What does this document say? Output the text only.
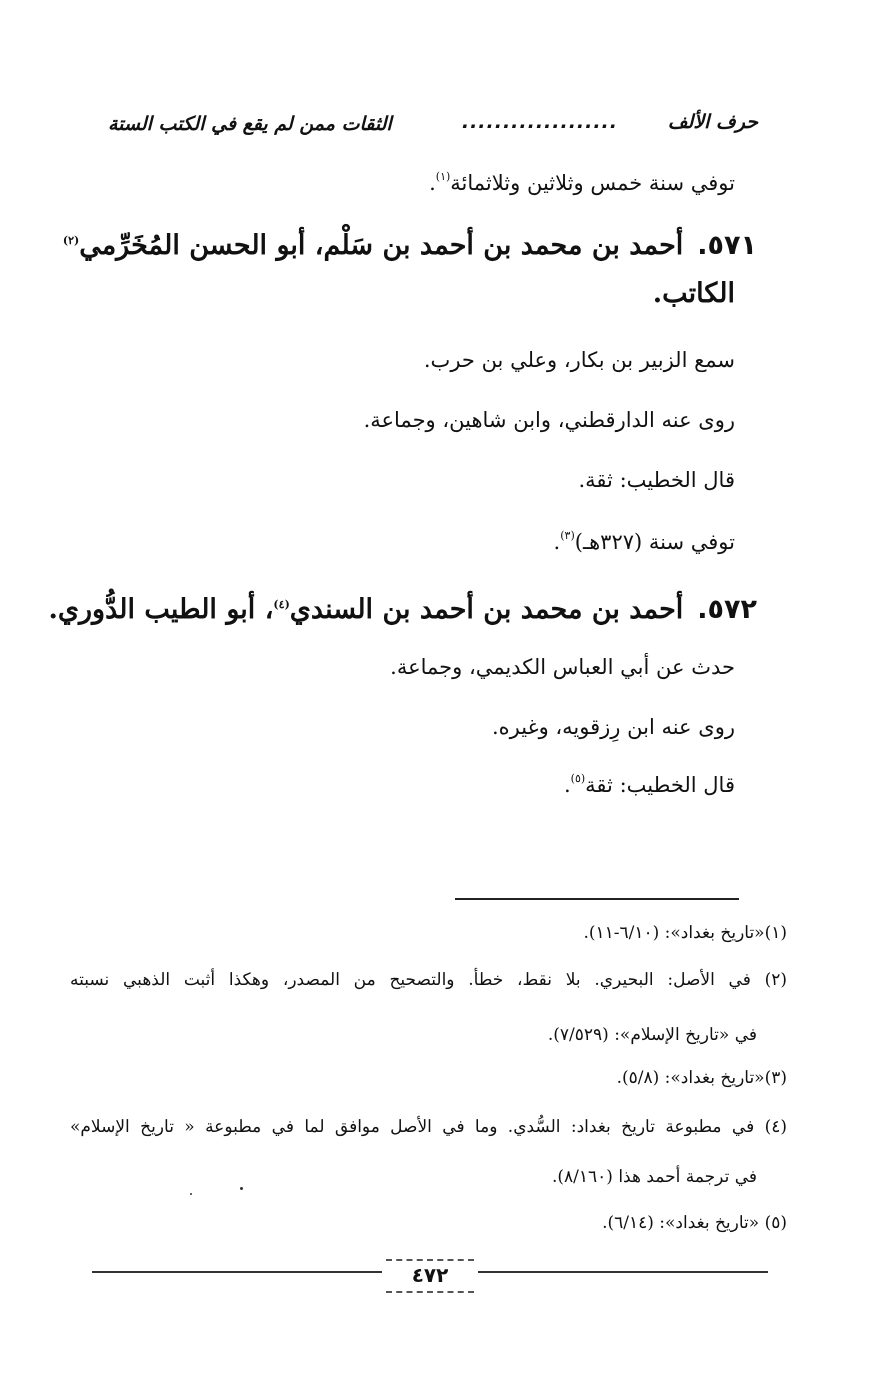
حرف الألف
...................
الثقات ممن لم يقع في الكتب الستة
توفي سنة خمس وثلاثين وثلاثمائة$^{(١)}$.
٥٧١.أحمد بن محمد بن أحمد بن سَلْم، أبو الحسن المُخَرِّمي$^{(٢)}$
الكاتب.
سمع الزبير بن بكار، وعلي بن حرب.
روى عنه الدارقطني، وابن شاهين، وجماعة.
قال الخطيب: ثقة.
توفي سنة (٣٢٧هـ)$^{(٣)}$.
٥٧٢.أحمد بن محمد بن أحمد بن السندي$^{(٤)}$، أبو الطيب الدُّوري.
حدث عن أبي العباس الكديمي، وجماعة.
روى عنه ابن رِزقويه، وغيره.
قال الخطيب: ثقة$^{(٥)}$.
(١)«تاريخ بغداد»: (٦/١٠-١١).
(٢) في الأصل: البحيري. بلا نقط، خطأ. والتصحيح من المصدر، وهكذا أثبت الذهبي نسبته
في «تاريخ الإسلام»: (٧/٥٢٩).
(٣)«تاريخ بغداد»: (٥/٨).
(٤) في مطبوعة تاريخ بغداد: السُّدي. وما في الأصل موافق لما في مطبوعة « تاريخ الإسلام»
في ترجمة أحمد هذا (٨/١٦٠).
(٥) «تاريخ بغداد»: (٦/١٤).
٤٧٢
